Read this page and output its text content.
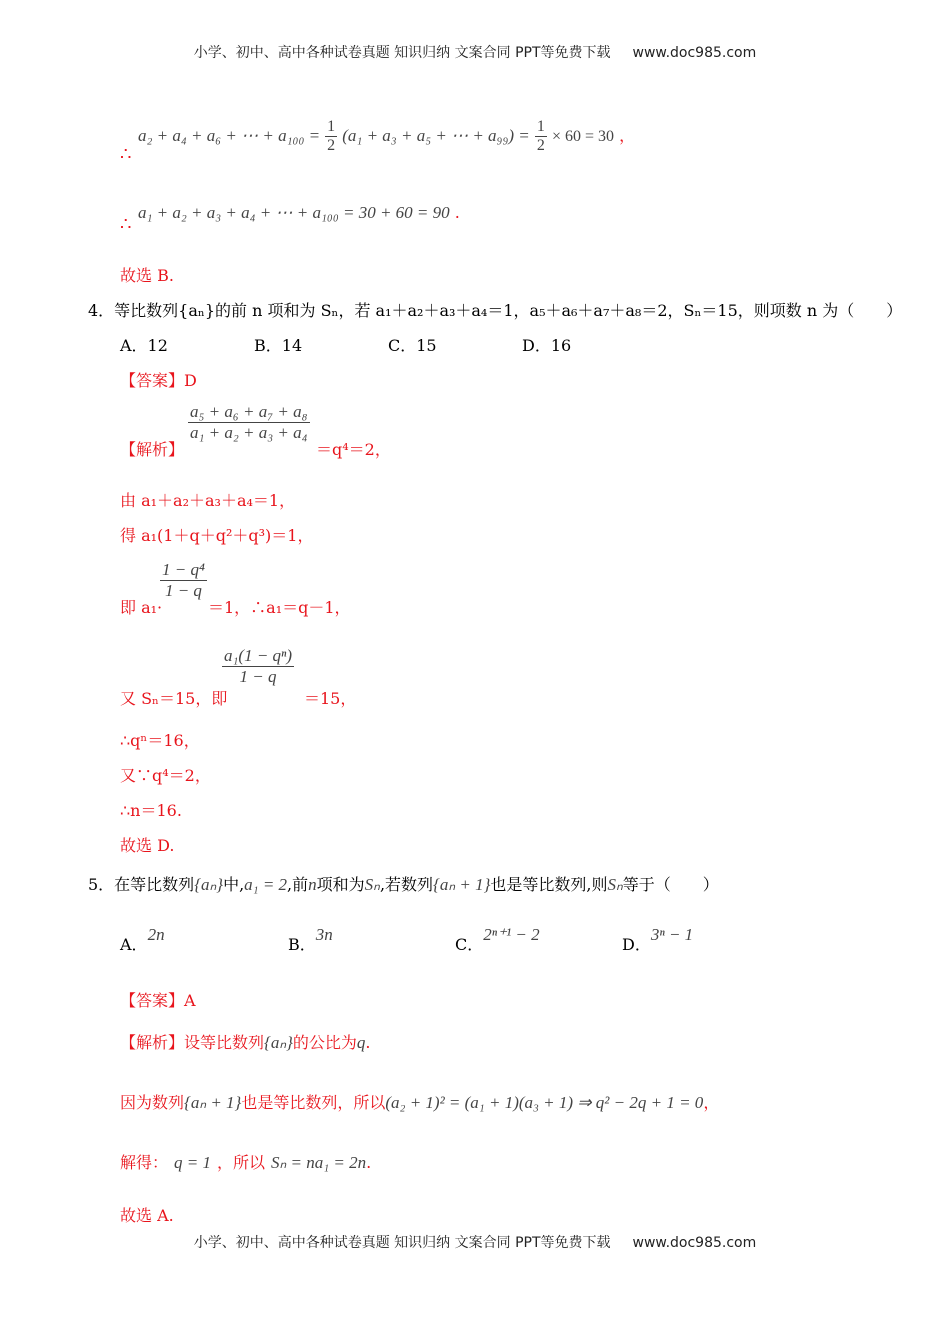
小学、初中、高中各种试卷真题 知识归纳 文案合同 PPT等免费下载 www.doc985.com
∴
a₂ + a₄ + a₆ + ⋯ + $a_{100} = \frac{1}{2} (a_1 + a_3 + a_5$ + ⋯ + $a_{99}) = \frac{1}{2} \times 60 = 30$ ，
∴
a₁ + a₂ + a₃ + a₄ + ⋯ + a₁₀₀ = 30 + 60 = 90 .
故选 B.
4．等比数列{aₙ}的前 n 项和为 Sₙ，若 a₁＋a₂＋a₃＋a₄＝1，a₅＋a₆＋a₇＋a₈＝2，Sₙ＝15，则项数 n 为（　　）
A．12	B．14	C．15	D．16
【答案】D
【解析】
$\frac{\text{a₅ + a₆ + a₇ + a₈}}{\text{a₁ + a₂ + a₃ + a₄}}$
＝q⁴＝2，
由 a₁＋a₂＋a₃＋a₄＝1，
得 a₁(1＋q＋q²＋q³)＝1，
即 a₁·
$\frac{\text{1 − q⁴}}{1 - q}$
＝1，∴a₁＝q－1，
又 Sₙ＝15，即
$\frac{\text{a₁(1 − qⁿ)}}{1 - q}$
＝15，
∴qⁿ＝16，
又∵q⁴＝2，
∴n＝16.
故选 D.
5．在等比数列{aₙ}中,a₁ = 2,前n项和为Sₙ,若数列{aₙ + 1}也是等比数列,则Sₙ等于（　　）
A．2n
B．3n
C．2ⁿ⁺¹ − 2
D．3ⁿ − 1
【答案】A
【解析】设等比数列{aₙ}的公比为q.
因为数列{aₙ + 1}也是等比数列，所以(a₂ + 1)² = (a₁ + 1)(a₃ + 1) ⇒ q² − 2q + 1 = 0，
解得： q = 1 ，所以 Sₙ = na₁ = 2n.
故选 A.
小学、初中、高中各种试卷真题 知识归纳 文案合同 PPT等免费下载 www.doc985.com
